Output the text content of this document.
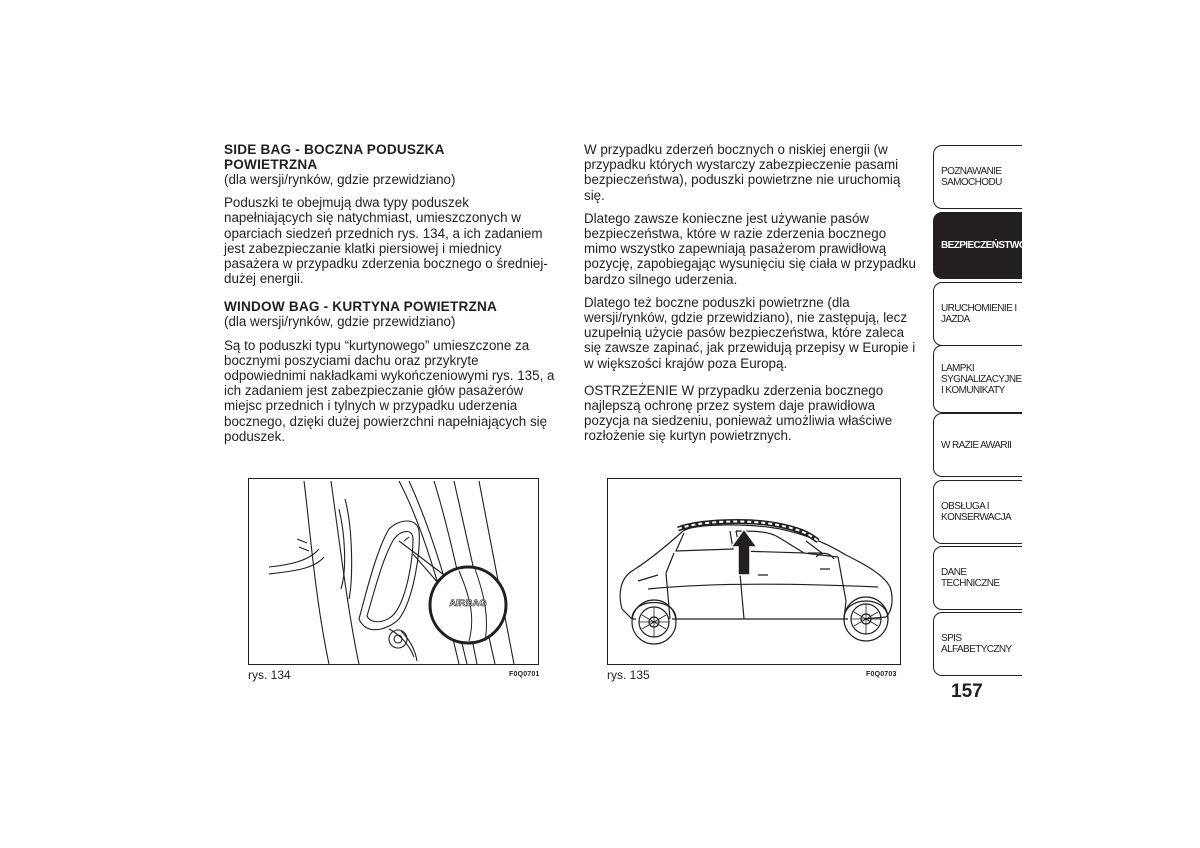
SIDE BAG - BOCZNA PODUSZKA POWIETRZNA

(dla wersji/rynków, gdzie przewidziano)

Poduszki te obejmują dwa typy poduszek napełniających się natychmiast, umieszczonych w oparciach siedzeń przednich rys. 134, a ich zadaniem jest zabezpieczanie klatki piersiowej i miednicy pasażera w przypadku zderzenia bocznego o średniej-dużej energii.

WINDOW BAG - KURTYNA POWIETRZNA

(dla wersji/rynków, gdzie przewidziano)

Są to poduszki typu “kurtynowego” umieszczone za bocznymi poszyciami dachu oraz przykryte odpowiednimi nakładkami wykończeniowymi rys. 135, a ich zadaniem jest zabezpieczanie głów pasażerów miejsc przednich i tylnych w przypadku uderzenia bocznego, dzięki dużej powierzchni napełniających się poduszek.

W przypadku zderzeń bocznych o niskiej energii (w przypadku których wystarczy zabezpieczenie pasami bezpieczeństwa), poduszki powietrzne nie uruchomią się.

Dlatego zawsze konieczne jest używanie pasów bezpieczeństwa, które w razie zderzenia bocznego mimo wszystko zapewniają pasażerom prawidłową pozycję, zapobiegając wysunięciu się ciała w przypadku bardzo silnego uderzenia.

Dlatego też boczne poduszki powietrzne (dla wersji/rynków, gdzie przewidziano), nie zastępują, lecz uzupełnią użycie pasów bezpieczeństwa, które zaleca się zawsze zapinać, jak przewidują przepisy w Europie i w większości krajów poza Europą.

OSTRZEŻENIE W przypadku zderzenia bocznego najlepszą ochronę przez system daje prawidłowa pozycja na siedzeniu, ponieważ umożliwia właściwe rozłożenie się kurtyn powietrznych.

AIRBAG
rys. 134	F0Q0701	rys. 135	F0Q0703
POZNAWANIE SAMOCHODU
BEZPIECZEŃSTWO
URUCHOMIENIE I JAZDA
LAMPKI SYGNALIZACYJNE I KOMUNIKATY
W RAZIE AWARII
OBSŁUGA I KONSERWACJA
DANE TECHNICZNE
SPIS ALFABETYCZNY
157
